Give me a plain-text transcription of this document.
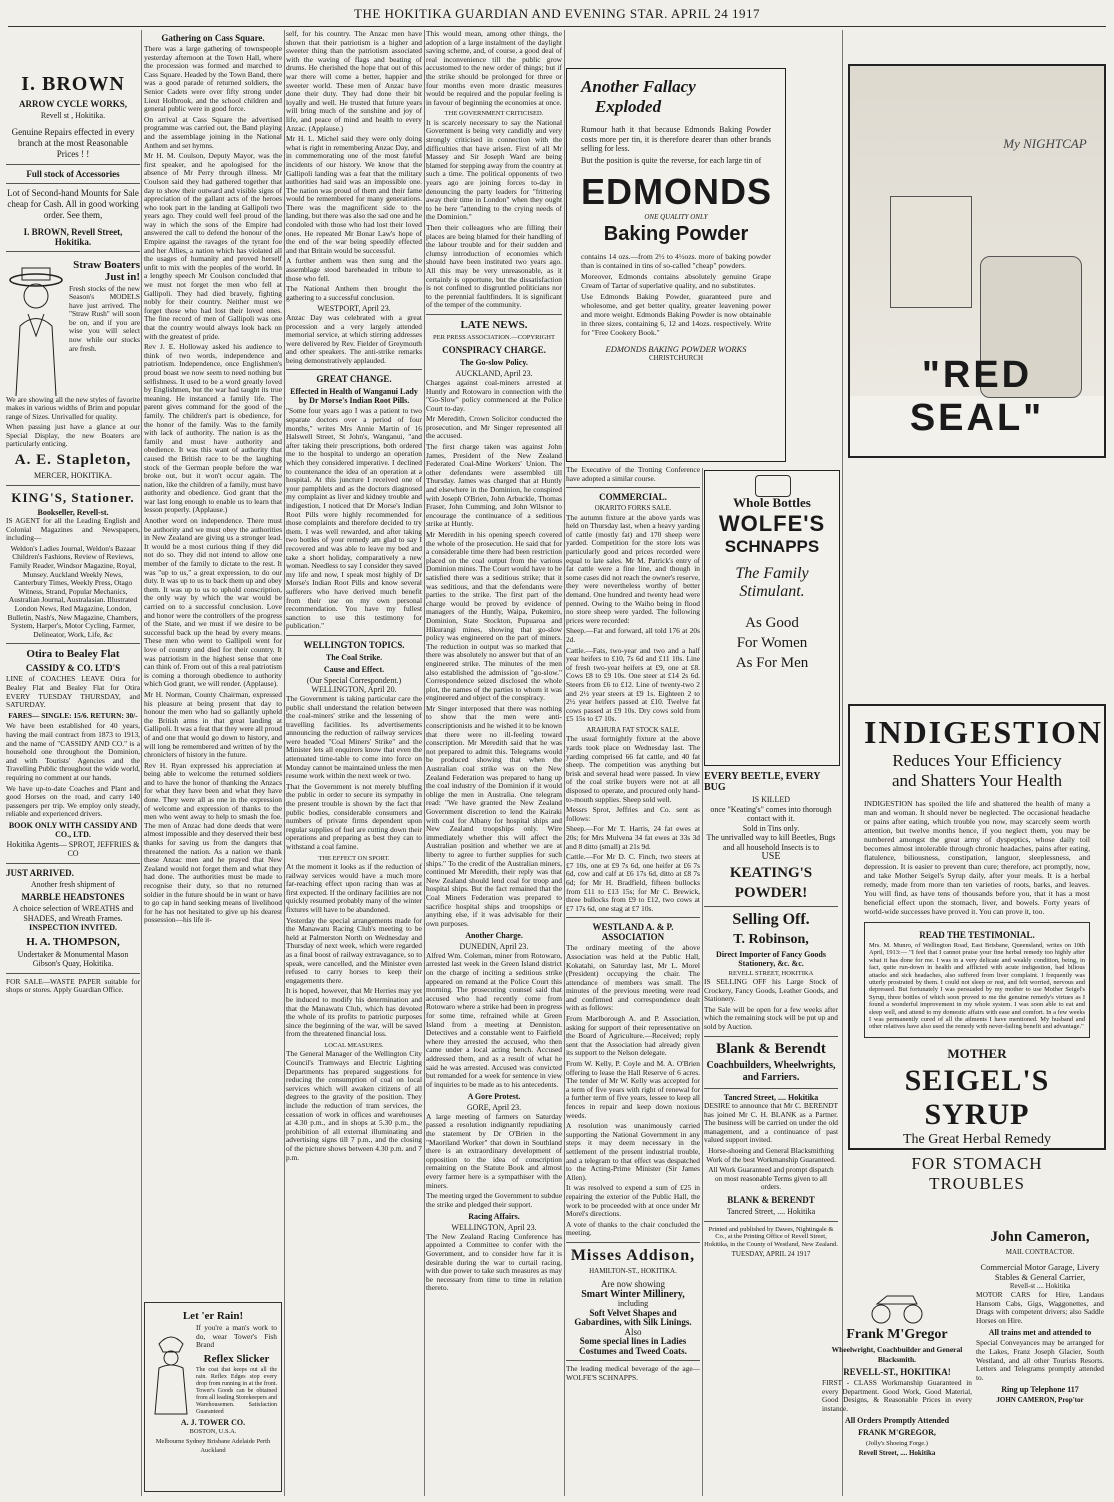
THE HOKITIKA GUARDIAN AND EVENING STAR. APRIL 24 1917
I. BROWN
ARROW CYCLE WORKS,
Revell st , Hokitika.
Genuine Repairs effected in every branch at the most Reasonable Prices ! !
Full stock of Accessories
Lot of Second-hand Mounts for Sale cheap for Cash. All in good working order. See them,
I. BROWN, Revell Street, Hokitika.
Straw Boaters Just in!

Fresh stocks of the new Season's MODELS have just arrived. The "Straw Rush" will soon be on, and if you are wise you will select now while our stocks are fresh.

We are showing all the new styles of favorite makes in various widths of Brim and popular range of Sizes. Unrivalled for quality.

When passing just have a glance at our Special Display, the new Boaters are particularly enticing.

A. E. Stapleton,
MERCER, HOKITIKA.
KING'S, Stationer.
Bookseller, Revell-st.

IS AGENT for all the Leading English and Colonial Magazines and Newspapers, including—

Weldon's Ladies Journal, Weldon's Bazaar Children's Fashions, Review of Reviews, Family Reader, Windsor Magazine, Royal, Munsey. Auckland Weekly News, Canterbury Times, Weekly Press, Otago Witness, Strand, Popular Mechanics, Australian Journal, Australasian. Illustrated London News, Red Magazine, London, Bulletin, Nash's, New Magazine, Chambers, System, Harper's, Motor Cycling, Farmer, Delineator, Work, Life, &c

Otira to Bealey Flat
CASSIDY & CO. LTD'S

LINE of COACHES LEAVE Otira for Bealey Flat and Bealey Flat for Otira EVERY TUESDAY THURSDAY, and SATURDAY.

FARES— SINGLE: 15/6. RETURN: 30/-

We have been established for 40 years, having the mail contract from 1873 to 1913, and the name of "CASSIDY AND CO." is a household one throughout the Dominion, and with Tourists' Agencies and the Travelling Public throughout the wide world, requiring no comment at our hands.

We have up-to-date Coaches and Plant and good Horses on the road, and carry 140 passengers per trip. We employ only steady, reliable and experienced drivers.

BOOK ONLY WITH CASSIDY AND CO., LTD.
Hokitika Agents— SPROT, JEFFRIES & CO
JUST ARRIVED.
Another fresh shipment of
MARBLE HEADSTONES
A choice selection of WREATHS and SHADES, and Wreath Frames.
INSPECTION INVITED.
H. A. THOMPSON,
Undertaker & Monumental Mason Gibson's Quay, Hokitika.

FOR SALE—WASTE PAPER suitable for shops or stores. Apply Guardian Office.

Gathering on Cass Square.

There was a large gathering of townspeople yesterday afternoon at the Town Hall, where the procession was formed and marched to Cass Square. Headed by the Town Band, there was a good parade of returned soldiers, the Senior Cadets were over fifty strong under Lieut Holbrook, and the school children and general public were in good force.

On arrival at Cass Square the advertised programme was carried out, the Band playing and the assemblage joining in the National Anthem and set hymns.

Mr H. M. Coulson, Deputy Mayor, was the first speaker, and he apologised for the absence of Mr Perry through illness. Mr Coulson said they had gathered together that day to show their outward and visible signs of appreciation of the gallant acts of the heroes who took part in the landing at Gallipoli two years ago. They could well feel proud of the way in which the sons of the Empire had answered the call to defend the honour of the Empire against the ravages of the tyrant foe and her Allies, a nation which has violated all the usages of humanity and proved herself unfit to mix with the peoples of the world. In a lengthy speech Mr Coulson concluded that we must not forget the men who fell at Gallipoli. They had died bravely, fighting nobly for their country. Neither must we forget those who had lost their loved ones. The fine record of men of Gallipoli was one that the country would always look back on with the greatest of pride.

Rev J. E. Holloway asked his audience to think of two words, independence and patriotism. Independence, once Englishmen's proud boast we now seem to need nothing but selfishness. It used to be a word greatly loved by Englishmen, but the war had taught its true meaning. He instanced a family life. The parent gives command for the good of the family. The children's part is obedience, for the honor of the family. Was to the family with lack of authority. The nation is as the family and must have authority and obedience. It was this want of authority that caused the British race to be the laughing stock of the German people before the war broke out, but it won't occur again. The nation, like the children of a family, must have authority and obedience. God grant that the war last long enough to enable us to learn that lesson properly. (Applause.)

Another word on independence. There must be authority and we must obey the authorities in New Zealand are giving us a stronger lead. It would be a most curious thing if they did not do so. They did not intend to allow one member of the family to dictate to the rest. It was "up to us," a great expression, to do our duty. It was up to us to back them up and obey them. It was up to us to uphold conscription, the only way by which the war would be carried on to a successful conclusion. Love and honor were the controllers of the progress of the State, and we must if we desire to be successful back up the head by every means. These men who went to Gallipoli went for love of country and died for their country. It was patriotism in the highest sense that one can think of. From out of this a real patriotism is coming a thorough obedience to authority which God grant, we will render. (Applause).

Mr H. Norman, County Chairman, expressed his pleasure at being present that day to honour the men who had so gallantly upheld the British arms in that great landing at Gallipoli. It was a feat that they were all proud of and one that would go down to history, and will long be remembered and written of by the chroniclers of history in the future.

Rev H. Ryan expressed his appreciation at being able to welcome the returned soldiers and to have the honor of thanking the Anzacs for what they have been and what they have done. They were all as one in the expression of welcome and expression of thanks to the men who went away to help to smash the foe. The men of Anzac had done deeds that were almost impossible and they deserved their best thanks for saving us from the dangers that threatened the nation. As a nation we thank these Anzac men and he prayed that New Zealand would not forget them and what they had done. The authorities must be made to recognise their duty, so that no returned soldier in the future should be in want or have to go cap in hand seeking means of livelihood for he has not hesitated to give up his dearest possession—his life it-

Let 'er Rain!

If you're a man's work to do, wear Tower's Fish Brand

Reflex Slicker

The coat that keeps out all the rain. Reflex Edges stop every drop from running in at the front. Tower's Goods can be obtained from all leading Storekeepers and Warehousemen. Satisfaction Guaranteed

A. J. TOWER CO.
BOSTON, U.S.A.
Melbourne Sydney Brisbane Adelaide Perth Auckland

self, for his country. The Anzac men have shown that their patriotism is a higher and sweeter thing than the patriotism associated with the waving of flags and beating of drums. He cherished the hope that out of this war there will come a better, happier and sweeter world. These men of Anzac have done their duty. They had done their bit loyally and well. He trusted that future years will bring much of the sunshine and joy of life, and peace of mind and health to every Anzac. (Applause.)

Mr H. L. Michel said they were only doing what is right in remembering Anzac Day, and in commemorating one of the most fateful incidents of our history. We know that the Gallipoli landing was a feat that the military authorities had said was an impossible one. The nation was proud of them and their fame would be remembered for many generations. There was the magnificent side to the landing, but there was also the sad one and he condoled with those who had lost their loved ones. He repeated Mr Bonar Law's hope of the end of the war being speedily effected and that Britain would be successful.

A further anthem was then sung and the assemblage stood bareheaded in tribute to those who fell.

The National Anthem then brought the gathering to a successful conclusion.

WESTPORT, April 23.

Anzac Day was celebrated with a great procession and a very largely attended memorial service, at which stirring addresses were delivered by Rev. Fielder of Greymouth and other speakers. The anti-strike remarks being demonstratively applauded.

GREAT CHANGE.
Effected in Health of Wanganui Lady by Dr Morse's Indian Root Pills.

"Some four years ago I was a patient to two separate doctors over a period of four months," writes Mrs Annie Martin of 16 Halswell Street, St John's, Wanganui, "and after taking their prescriptions, both ordered me to the hospital to undergo an operation which they considered imperative. I declined to countenance the idea of an operation at a hospital. At this juncture I received one of your pamphlets and as the doctors diagnosed my complaint as liver and kidney trouble and indigestion, I noticed that Dr Morse's Indian Root Pills were highly recommended for those complaints and therefore decided to try them. I was well rewarded, and after taking two bottles of your remedy am glad to say I recovered and was able to leave my bed and take a short holiday, comparatively a new woman. Needless to say I consider they saved my life and now, I speak most highly of Dr Morse's Indian Root Pills and know several sufferers who have derived much benefit from their use on my own personal recommendation. You have my fullest sanction to use this testimony for publication."

WELLINGTON TOPICS.
The Coal Strike.
Cause and Effect.
(Our Special Correspondent.)
WELLINGTON, April 20.

The Government is taking particular care the public shall understand the relation between the coal-miners' strike and the lessening of travelling facilities. Its advertisements announcing the reduction of railway services were headed "Coal Miners' Strike" and the Minister lets all enquirers know that even the attenuated time-table to come into force on Monday cannot be maintained unless the men resume work within the next week or two.

That the Government is not merely bluffing the public in order to secure its sympathy in the present trouble is shown by the fact that public bodies, considerable consumers and numbers of private firms dependent upon regular supplies of fuel are cutting down their operations and preparing as best they can to withstand a coal famine.

THE EFFECT ON SPORT.

At the moment it looks as if the reduction of railway services would have a much more far-reaching effect upon racing than was at first expected. If the ordinary facilities are not quickly resumed probably many of the winter fixtures will have to be abandoned.

Yesterday the special arrangements made for the Manawatu Racing Club's meeting to be held at Palmerston North on Wednesday and Thursday of next week, which were regarded as a final boost of railway extravagance, so to speak, were cancelled, and the Minister even refused to carry horses to keep their engagements there.

It is hoped, however, that Mr Herries may yet be induced to modify his determination and that the Manawatu Club, which has devoted the whole of its profits to patriotic purposes since the beginning of the war, will be saved from the threatened financial loss.

LOCAL MEASURES.

The General Manager of the Wellington City Council's Tramways and Electric Lighting Departments has prepared suggestions for reducing the consumption of coal on local services which will awaken citizens of all degrees to the gravity of the position. They include the reduction of tram services, the cessation of work in offices and warehouses at 4.30 p.m., and in shops at 5.30 p.m., the prohibition of all external illuminating and advertising signs till 7 p.m., and the closing of the picture shows between 4.30 p.m. and 7 p.m.

This would mean, among other things, the adoption of a large instalment of the daylight saving scheme, and, of course, a good deal of real inconvenience till the public grow accustomed to the new order of things; but if the strike should be prolonged for three or four months even more drastic measures would be required and the popular feeling is in favour of beginning the economies at once.

THE GOVERNMENT CRITICISED.

It is scarcely necessary to say the National Government is being very candidly and very strongly criticised in connection with the difficulties that have arisen. First of all Mr Massey and Sir Joseph Ward are being blamed for stepping away from the country at such a time. The political opponents of two years ago are joining forces to-day in denouncing the party leaders for "frittering away their time in London" when they ought to be here "attending to the crying needs of the Dominion."

Then their colleagues who are filling their places are being blamed for their handling of the labour trouble and for their sudden and clumsy introduction of economies which should have been instituted two years ago. All this may be very unreasonable, as it certainly is opportune, but the dissatisfaction is not confined to disgruntled politicians nor to the perennial faultfinders. It is significant of the temper of the community.

LATE NEWS.
PER PRESS ASSOCIATION.—COPYRIGHT
CONSPIRACY CHARGE.
The Go-slow Policy.
AUCKLAND, April 23.

Charges against coal-miners arrested at Huntly and Rotowaro in connection with the "Go-Slow" policy commenced at the Police Court to-day.

Mr Meredith, Crown Solicitor conducted the prosecution, and Mr Singer represented all the accused.

The first charge taken was against John James, President of the New Zealand Federated Coal-Mine Workers' Union. The other defendants were assembled till Thursday. James was charged that at Huntly and elsewhere in the Dominion, he conspired with Joseph O'Brien, John Arbuckle, Thomas Fraser, John Cumming, and John Wilsnor to encourage the continuance of a seditious strike at Huntly.

Mr Meredith in his opening speech covered the whole of the prosecution. He said that for a considerable time there had been restriction placed on the coal output from the various Dominion mines. The Court would have to be satisfied there was a seditious strike; that it was seditious, and that the defendants were parties to the strike. The first part of the charge would be proved by evidence of managers of the Huntly, Waipa, Pukemiro, Dominion, State Stockton, Pupuaroa and Hikurangi mines, showing that go-slow policy was engineered on the part of miners. The reduction in output was so marked that there was absolutely no answer but that of an engineered strike. The minutes of the men also established the admission of "go-slow." Correspondence seized disclosed the whole plot, the names of the parties to whom it was engineered and object of the conspiracy.

Mr Singer interposed that there was nothing to show that the men were anti-conscriptionists and he wished it to be known that there were no ill-feeling toward conscription. Mr Meredith said that he was not prepared to admit this. Telegrams would be produced showing that when the Australian coal strike was on the New Zealand Federation was prepared to hang up the coal industry of the Dominion if it would oblige the men in Australia. One telegram read: "We have granted the New Zealand Government discretion to lend the Kairaki with coal for Albany for hospital ships and New Zealand troopships only. Wire immediately whether this will affect the Australian position and whether we are at liberty to agree to further supplies for such ships." To the credit of the Australian miners, continued Mr Meredith, their reply was that New Zealand should lend coal for troop and hospital ships. But the fact remained that the Coal Miners Federation was prepared to sacrifice hospital ships and troopships or anything else, if it was advisable for their own purposes.

Another Charge.
DUNEDIN, April 23.

Alfred Wm. Coleman, miner from Rotowaro, arrested last week in the Green Island district on the charge of inciting a seditious strike appeared on remand at the Police Court this morning. The prosecuting counsel said that accused who had recently come from Rotowaro where a strike had been in progress for some time, refrained while at Green Island from a meeting at Denniston. Detectives and a constable went to Fairfield where they arrested the accused, who then came under a local acting bench. Accused addressed them, and as a result of what he said he was arrested. Accused was convicted but remanded for a week for sentence in view of inquiries to be made as to his antecedents.

A Gore Protest.
GORE, April 23.

A large meeting of farmers on Saturday passed a resolution indignantly repudiating the statement by Dr O'Brien in the "Maoriland Worker" that down in Southland there is an extraordinary development of opposition to the idea of conscription remaining on the Statute Book and almost every farmer here is a sympathiser with the miners.

The meeting urged the Government to subdue the strike and pledged their support.

Racing Affairs.
WELLINGTON, April 23.

The New Zealand Racing Conference has appointed a Committee to confer with the Government, and to consider how far it is desirable during the war to curtail racing, with due power to take such measures as may be necessary from time to time in relation thereto.

Another Fallacy
Exploded

Rumour hath it that because Edmonds Baking Powder costs more per tin, it is therefore dearer than other brands selling for less.

But the position is quite the reverse, for each large tin of

EDMONDS
ONE QUALITY ONLY
Baking Powder

contains 14 ozs.—from 2½ to 4½ozs. more of baking powder than is contained in tins of so-called "cheap" powders.

Moreover, Edmonds contains absolutely genuine Grape Cream of Tartar of superlative quality, and no substitutes.

Use Edmonds Baking Powder, guaranteed pure and wholesome, and get better quality, greater leavening power and more weight. Edmonds Baking Powder is now obtainable in three sizes, containing 6, 12 and 14ozs. respectively. Write for "Free Cookery Book."

EDMONDS BAKING POWDER WORKS
CHRISTCHURCH

The Executive of the Trotting Conference have adopted a similar course.

COMMERCIAL.
OKARITO FORKS SALE.

The autumn fixture at the above yards was held on Thursday last, when a heavy yarding of cattle (mostly fat) and 170 sheep were yarded. Competition for the store lots was particularly good and prices recorded were equal to late sales. Mr M. Patrick's entry of fat cattle were a fine line, and though in some cases did not reach the owner's reserve, they were nevertheless worthy of better demand. One hundred and twenty head were penned. Owing to the Waiho being in flood no store sheep were yarded. The following prices were recorded:

Sheep.—Fat and forward, all told 176 at 20s 2d.

Cattle.—Fats, two-year and two and a half year heifers to £10, 7s 6d and £11 10s. Line of fresh two-year heifers at £9, one at £8. Cows £8 to £9 10s. One steer at £14 2s 6d. Steers from £6 to £12. Line of twenty-two 2 and 2½ year steers at £9 1s. Eighteen 2 to 2½ year heifers passed at £10. Twelve fat cows passed at £9 10s. Dry cows sold from £5 15s to £7 10s.

ARAHURA FAT STOCK SALE.

The usual fortnightly fixture at the above yards took place on Wednesday last. The yarding comprised 66 fat cattle, and 40 fat sheep. The competition was anything but brisk and several head were passed. In view of the coal strike buyers were not at all disposed to operate, and procured only hand-to-mouth supplies. Sheep sold well.

Messrs Sprot, Jeffries and Co. sent as follows:

Sheep.—For Mr T. Harris, 24 fat ewes at 20s; for Mrs Mulvena 34 fat ewes at 33s 3d and 8 ditto (small) at 21s 9d.

Cattle.—For Mr D. C. Finch, two steers at £7 10s, one at £9 7s 6d, one heifer at £6 7s 6d, cow and calf at £6 17s 6d, ditto at £8 7s 6d; for Mr H. Bradfield, fifteen bullocks from £11 to £13 15s; for Mr C. Brewick, three bullocks from £9 to £12, two cows at £7 17s 6d, one stag at £7 10s.

WESTLAND A. & P. ASSOCIATION

The ordinary meeting of the above Association was held at the Public Hall, Kokatahi, on Saturday last, Mr L. Morel (President) occupying the chair. The attendance of members was small. The minutes of the previous meeting were read and confirmed and correspondence dealt with as follows:

From Marlborough A. and P. Association, asking for support of their representative on the Board of Agriculture.—Received; reply sent that the Association had already given its support to the Nelson delegate.

From W. Kelly, P. Coyle and M. A. O'Brien offering to lease the Hall Reserve of 6 acres. The tender of Mr W. Kelly was accepted for a term of five years with right of renewal for a further term of five years, lessee to keep all fences in repair and keep down noxious weeds.

A resolution was unanimously carried supporting the National Government in any steps it may deem necessary in the settlement of the present industrial trouble, and a telegram to that effect was despatched to the Acting-Prime Minister (Sir James Allen).

It was resolved to expend a sum of £25 in repairing the exterior of the Public Hall, the work to be proceeded with at once under Mr Morel's directions.

A vote of thanks to the chair concluded the meeting.

Misses Addison,
HAMILTON-ST., HOKITIKA.
Are now showing
Smart Winter Millinery,
including
Soft Velvet Shapes and Gabardines, with Silk Linings.
Also
Some special lines in Ladies Costumes and Tweed Coats.

The leading medical beverage of the age—WOLFE'S SCHNAPPS.

Whole Bottles
WOLFE'S
SCHNAPPS
The Family Stimulant.
As Good For Women As For Men
EVERY BEETLE, EVERY BUG
IS KILLED
once "Keating's" comes into thorough contact with it.
Sold in Tins only.
The unrivalled way to kill Beetles, Bugs and all household Insects is to
USE
KEATING'S
POWDER!
Selling Off.
T. Robinson,
Direct Importer of Fancy Goods Stationery, &c. &c.
REVELL STREET, HOKITIKA

IS SELLING OFF his Large Stock of Crockery, Fancy Goods, Leather Goods, and Stationery.

The Sale will be open for a few weeks after which the remaining stock will be put up and sold by Auction.

Blank & Berendt
Coachbuilders, Wheelwrights, and Farriers.
Tancred Street, .... Hokitika

DESIRE to announce that Mr C. BERENDT has joined Mr C. H. BLANK as a Partner. The business will be carried on under the old management, and a continuance of past valued support invited.

Horse-shoeing and General Blacksmithing Work of the best Workmanship Guaranteed.

All Work Guaranteed and prompt dispatch on most reasonable Terms given to all orders.

BLANK & BERENDT
Tancred Street, .... Hokitika

Printed and published by Dawes, Nightingale & Co., at the Printing Office of Revell Street, Hokitika, in the County of Westland, New Zealand.

TUESDAY, APRIL 24 1917
My NIGHTCAP
"RED SEAL"
INDIGESTION
Reduces Your Efficiency
and Shatters Your Health

INDIGESTION has spoiled the life and shattered the health of many a man and woman. It should never be neglected. The occasional headache or pains after eating, which trouble you now, may scarcely seem worth attention, but twelve months hence, if you neglect them, you may be numbered amongst the great army of dyspeptics, whose daily toil becomes almost intolerable through chronic headaches, pains after eating, flatulence, biliousness, constipation, languor, sleeplessness, and depression. It is easier to prevent than cure; therefore, act promptly, now, and take Mother Seigel's Syrup daily, after your meals. It is a herbal remedy, made from more than ten varieties of roots, barks, and leaves. You will find, as have tens of thousands before you, that it has a most beneficial effect upon the stomach, liver, and bowels. Forty years of world-wide successes have proved it. You can prove it, too.

READ THE TESTIMONIAL.

Mrs. M. Munro, of Wellington Road, East Brisbane, Queensland, writes on 10th April, 1913:— "I feel that I cannot praise your fine herbal remedy too highly after what it has done for me. I was in a very delicate and weakly condition, being, in fact, quite run-down in health and afflicted with acute indigestion, bad bilious attacks and sick headaches, also suffered from liver complaint. I frequently was utterly prostrated by them. I could not sleep or rest, and felt worried, nervous and depressed. But fortunately I was persuaded by my mother to use Mother Seigel's Syrup, three bottles of which soon proved to me the genuine remedy's virtues as I found a wonderful improvement in my whole system. I was soon able to eat and sleep well, and attend to my domestic affairs with ease and comfort. In a few weeks I was permanently cured of all the ailments I have mentioned. My husband and other relatives have also used the remedy with never-failing benefit and advantage."

MOTHER
SEIGEL'S SYRUP
The Great Herbal Remedy
FOR STOMACH TROUBLES
Frank M'Gregor
Wheelwright, Coachbuilder and General Blacksmith.
REVELL-ST., HOKITIKA!

FIRST - CLASS Workmanship Guaranteed in every Department. Good Work, Good Material, Good Designs, & Reasonable Prices in every instance.

All Orders Promptly Attended
FRANK M'GREGOR,
(Jolly's Shoeing Forge.)
Revell Street, .... Hokitika
John Cameron,
MAIL CONTRACTOR.
Commercial Motor Garage, Livery Stables & General Carrier,
Revell-st .... Hokitika

MOTOR CARS for Hire, Landaus Hansom Cabs, Gigs, Waggonettes, and Drags with competent drivers; also Saddle Horses on Hire.

All trains met and attended to

Special Conveyances may be arranged for the Lakes, Franz Joseph Glacier, South Westland, and all other Tourists Resorts. Letters and Telegrams promptly attended to.

Ring up Telephone 117
JOHN CAMERON, Prop'tor
